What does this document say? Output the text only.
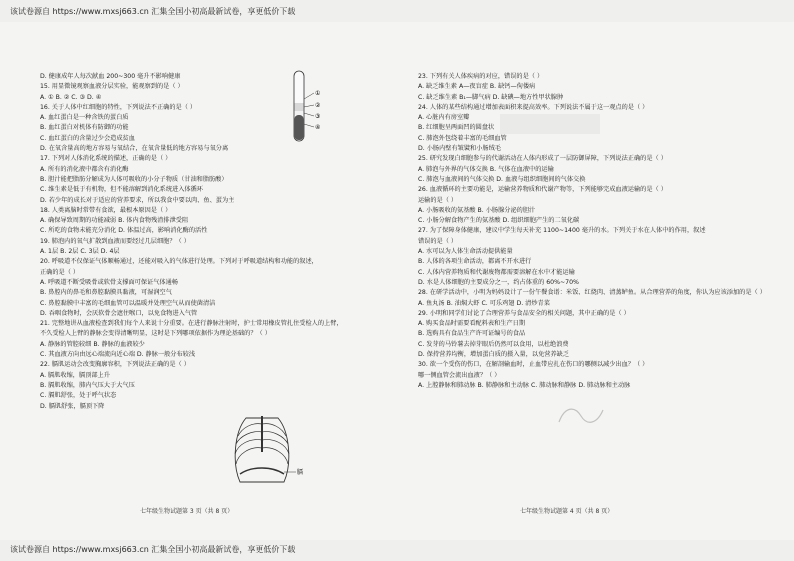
该试卷源自 https://www.mxsj663.cn 汇集全国小初高最新试卷，享更低价下载
D. 健康成年人每次献血 200~300 毫升不影响健康
15. 用显微镜观察血液分层实验，能观察到的是（ ）
A. ① B. ② C. ③ D. ④
16. 关于人体中红细胞的特性，下列说法不正确的是（ ）
A. 血红蛋白是一种含铁的蛋白质
B. 血红蛋白对机体有防御的功能
C. 血红蛋白的含量过少会造成贫血
D. 在氧含量高的地方容易与氧结合，在氧含量低的地方容易与氧分离
17. 下列对人体消化系统的描述，正确的是（ ）
A. 所有的消化液中都含有消化酶
B. 胆汁能把脂肪分解成为人体可吸收的小分子物质（甘油和脂肪酸）
C. 维生素是低于有机物，但不能溶解到消化系统进入体循环
D. 若少年的成长对于适应的营养要求，所以我食中要以肉、鱼、蛋为主
18. 人类离脑时常带有食欲，最根本原因是（ ）
A. 确保导致周期的功能减弱 B. 体内食物残渣排泄受阻
C. 所吃的食物未能充分消化 D. 体温过高，影响消化酶的活性
19. 肺泡内的氧气扩散到血液而要经过几层细胞？（ ）
A. 1层 B. 2层 C. 3层 D. 4层
20. 呼吸道不仅保证气体顺畅通过，还能对吸入的气体进行处理。下列对于呼吸道结构和功能的叙述，
正确的是（ ）
A. 呼吸道不断受吸骨或软骨支撑面可保证气体通畅
B. 鼻腔内的鼻毛和鼻腔黏膜具黏液，可湿润空气
C. 鼻腔黏膜中丰富的毛细血管可以温暖并处理空气从而使菌清洁
D. 吞咽食物时，会厌软骨会遮住喉口，以免食物进入气管
21. 完整地讲从血液检查到我们每个人来说十分重要。在进行静脉注射时，护士常用橡皮管扎住受检人的上臂，
不久受检人上臂的静脉会变得清晰明显，这时是下列哪项依据作为理论基础的？（ ）
A. 静脉的管腔较细 B. 静脉的血液较少
C. 其血液方向由远心端流向近心端 D. 静脉一般分布较浅
22. 膈肌运动会改变胸廓容积，下列说法正确的是（ ）
A. 膈肌收缩，膈顶部上升
B. 膈肌收缩，肺内气压大于大气压
C. 膈肌舒张，处于呼气状态
D. 膈肌舒张，膈顶下降
①
②
③
④
膈
七年级生物试题第 3 页（共 8 页）
23. 下列有关人体疾病的对应，错误的是（ ）
A. 缺乏维生素 A—夜盲症 B. 缺钙—佝偻病
C. 缺乏维生素 B₁—脚气病 D. 缺碘—地方性甲状腺肿
24. 人体的某些结构通过增加表面积来提高效率。下列说法不属于这一观点的是（ ）
A. 心脏内有房室瓣
B. 红细胞呈两面凹的圆盘状
C. 肺泡外包绕着丰富的毛细血管
D. 小肠内壁有皱襞和小肠绒毛
25. 研究发现白细胞参与的代谢活动在人体内形成了一层防御屏障，下列说法正确的是（ ）
A. 肺泡与外界的气体交换 B. 气体在血液中的运输
C. 肺泡与血液间的气体交换 D. 血液与组织细胞间的气体交换
26. 血液循环的主要功能是，运输营养物质和代谢产物等，下列能够完成血液运输的是（ ）
运输的是（ ）
A. 小肠吸收的氨基酸 B. 小肠腺分泌的胆汁
C. 小肠分解食物产生的氨基酸 D. 组织细胞产生的二氧化碳
27. 为了保障身体健康，建议中学生每天补充 1100~1400 毫升的水。下列关于水在人体中的作用，叙述
错误的是（ ）
A. 水可以为人体生命活动提供能量
B. 人体的各项生命活动，都离不开水进行
C. 人体内营养物质和代谢废物都需要溶解在水中才能运输
D. 水是人体细胞的主要成分之一，约占体重的 60%~70%
28. 在研学活动中，小明为妈妈设计了一份午餐食谱：米饭、红烧肉、清蒸鲈鱼。从合理营养的角度，你认为应该添加的是（ ）
A. 鱼丸汤 B. 油焖大虾 C. 可乐鸡翅 D. 清炒青菜
29. 小明和同学们讨论了合理营养与食品安全的相关问题，其中正确的是（ ）
A. 购买食品时需要看配料表和生产日期
B. 选购具有食品生产许可证编号的食品
C. 发芽的马铃薯去掉芽眼后仍然可以食用，以杜绝浪费
D. 保持营养均衡，增加蛋白质的摄入量，以免营养缺乏
30. 欲一个受伤的伤口，在解剖输血时，止血带应扎在伤口的哪侧以减少出血？（ ）
哪一侧血管会流出血液？（ ）
A. 上腔静脉和肺动脉 B. 肺静脉和主动脉 C. 肺动脉和静脉 D. 肺动脉和主动脉
七年级生物试题第 4 页（共 8 页）
该试卷源自 https://www.mxsj663.cn 汇集全国小初高最新试卷，享更低价下载
